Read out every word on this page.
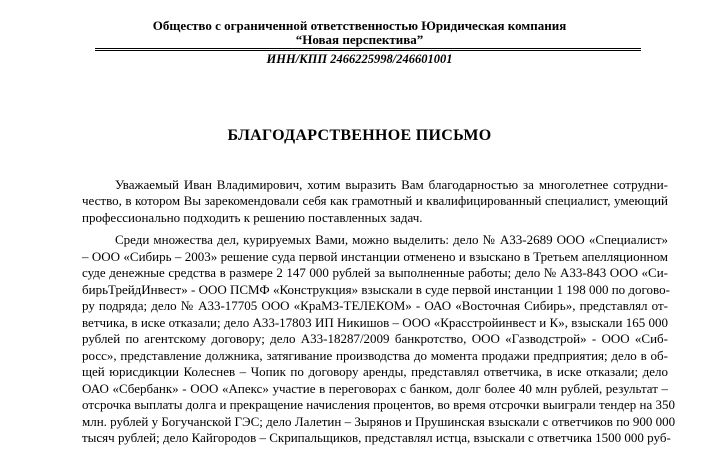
Общество с ограниченной ответственностью Юридическая компания
“Новая перспектива”
ИНН/КПП 2466225998/246601001
БЛАГОДАРСТВЕННОЕ ПИСЬМО
Уважаемый Иван Владимирович, хотим выразить Вам благодарностью за многолетнее сотрудни-
чество, в котором Вы зарекомендовали себя как грамотный и квалифицированный специалист, умеющий
профессионально подходить к решению поставленных задач.
Среди множества дел, курируемых Вами, можно выделить: дело № А33-2689 ООО «Специалист»
– ООО «Сибирь – 2003» решение суда первой инстанции отменено и взыскано в Третьем апелляционном
суде денежные средства в размере 2 147 000 рублей за выполненные работы; дело № А33-843 ООО «Си-
бирьТрейдИнвест» - ООО ПСМФ «Конструкция» взыскали в суде первой инстанции 1 198 000 по догово-
ру подряда; дело № А33-17705 ООО «КраМЗ-ТЕЛЕКОМ» - ОАО «Восточная Сибирь», представлял от-
ветчика, в иске отказали; дело А33-17803 ИП Никишов – ООО «Красстройинвест и К», взыскали 165 000
рублей по агентскому договору; дело А33-18287/2009 банкротство, ООО «Газводстрой» - ООО «Сиб-
росс», представление должника, затягивание производства до момента продажи предприятия; дело в об-
щей юрисдикции Колеснев – Чопик по договору аренды, представлял ответчика, в иске отказали; дело
ОАО «Сбербанк» - ООО «Апекс» участие в переговорах с банком, долг более 40 млн рублей, результат –
отсрочка выплаты долга и прекращение начисления процентов, во время отсрочки выиграли тендер на 350
млн. рублей у Богучанской ГЭС; дело Лалетин – Зырянов и Прушинская взыскали с ответчиков по 900 000
тысяч рублей; дело Кайгородов – Скрипальщиков, представлял истца, взыскали с ответчика 1500 000 руб-
